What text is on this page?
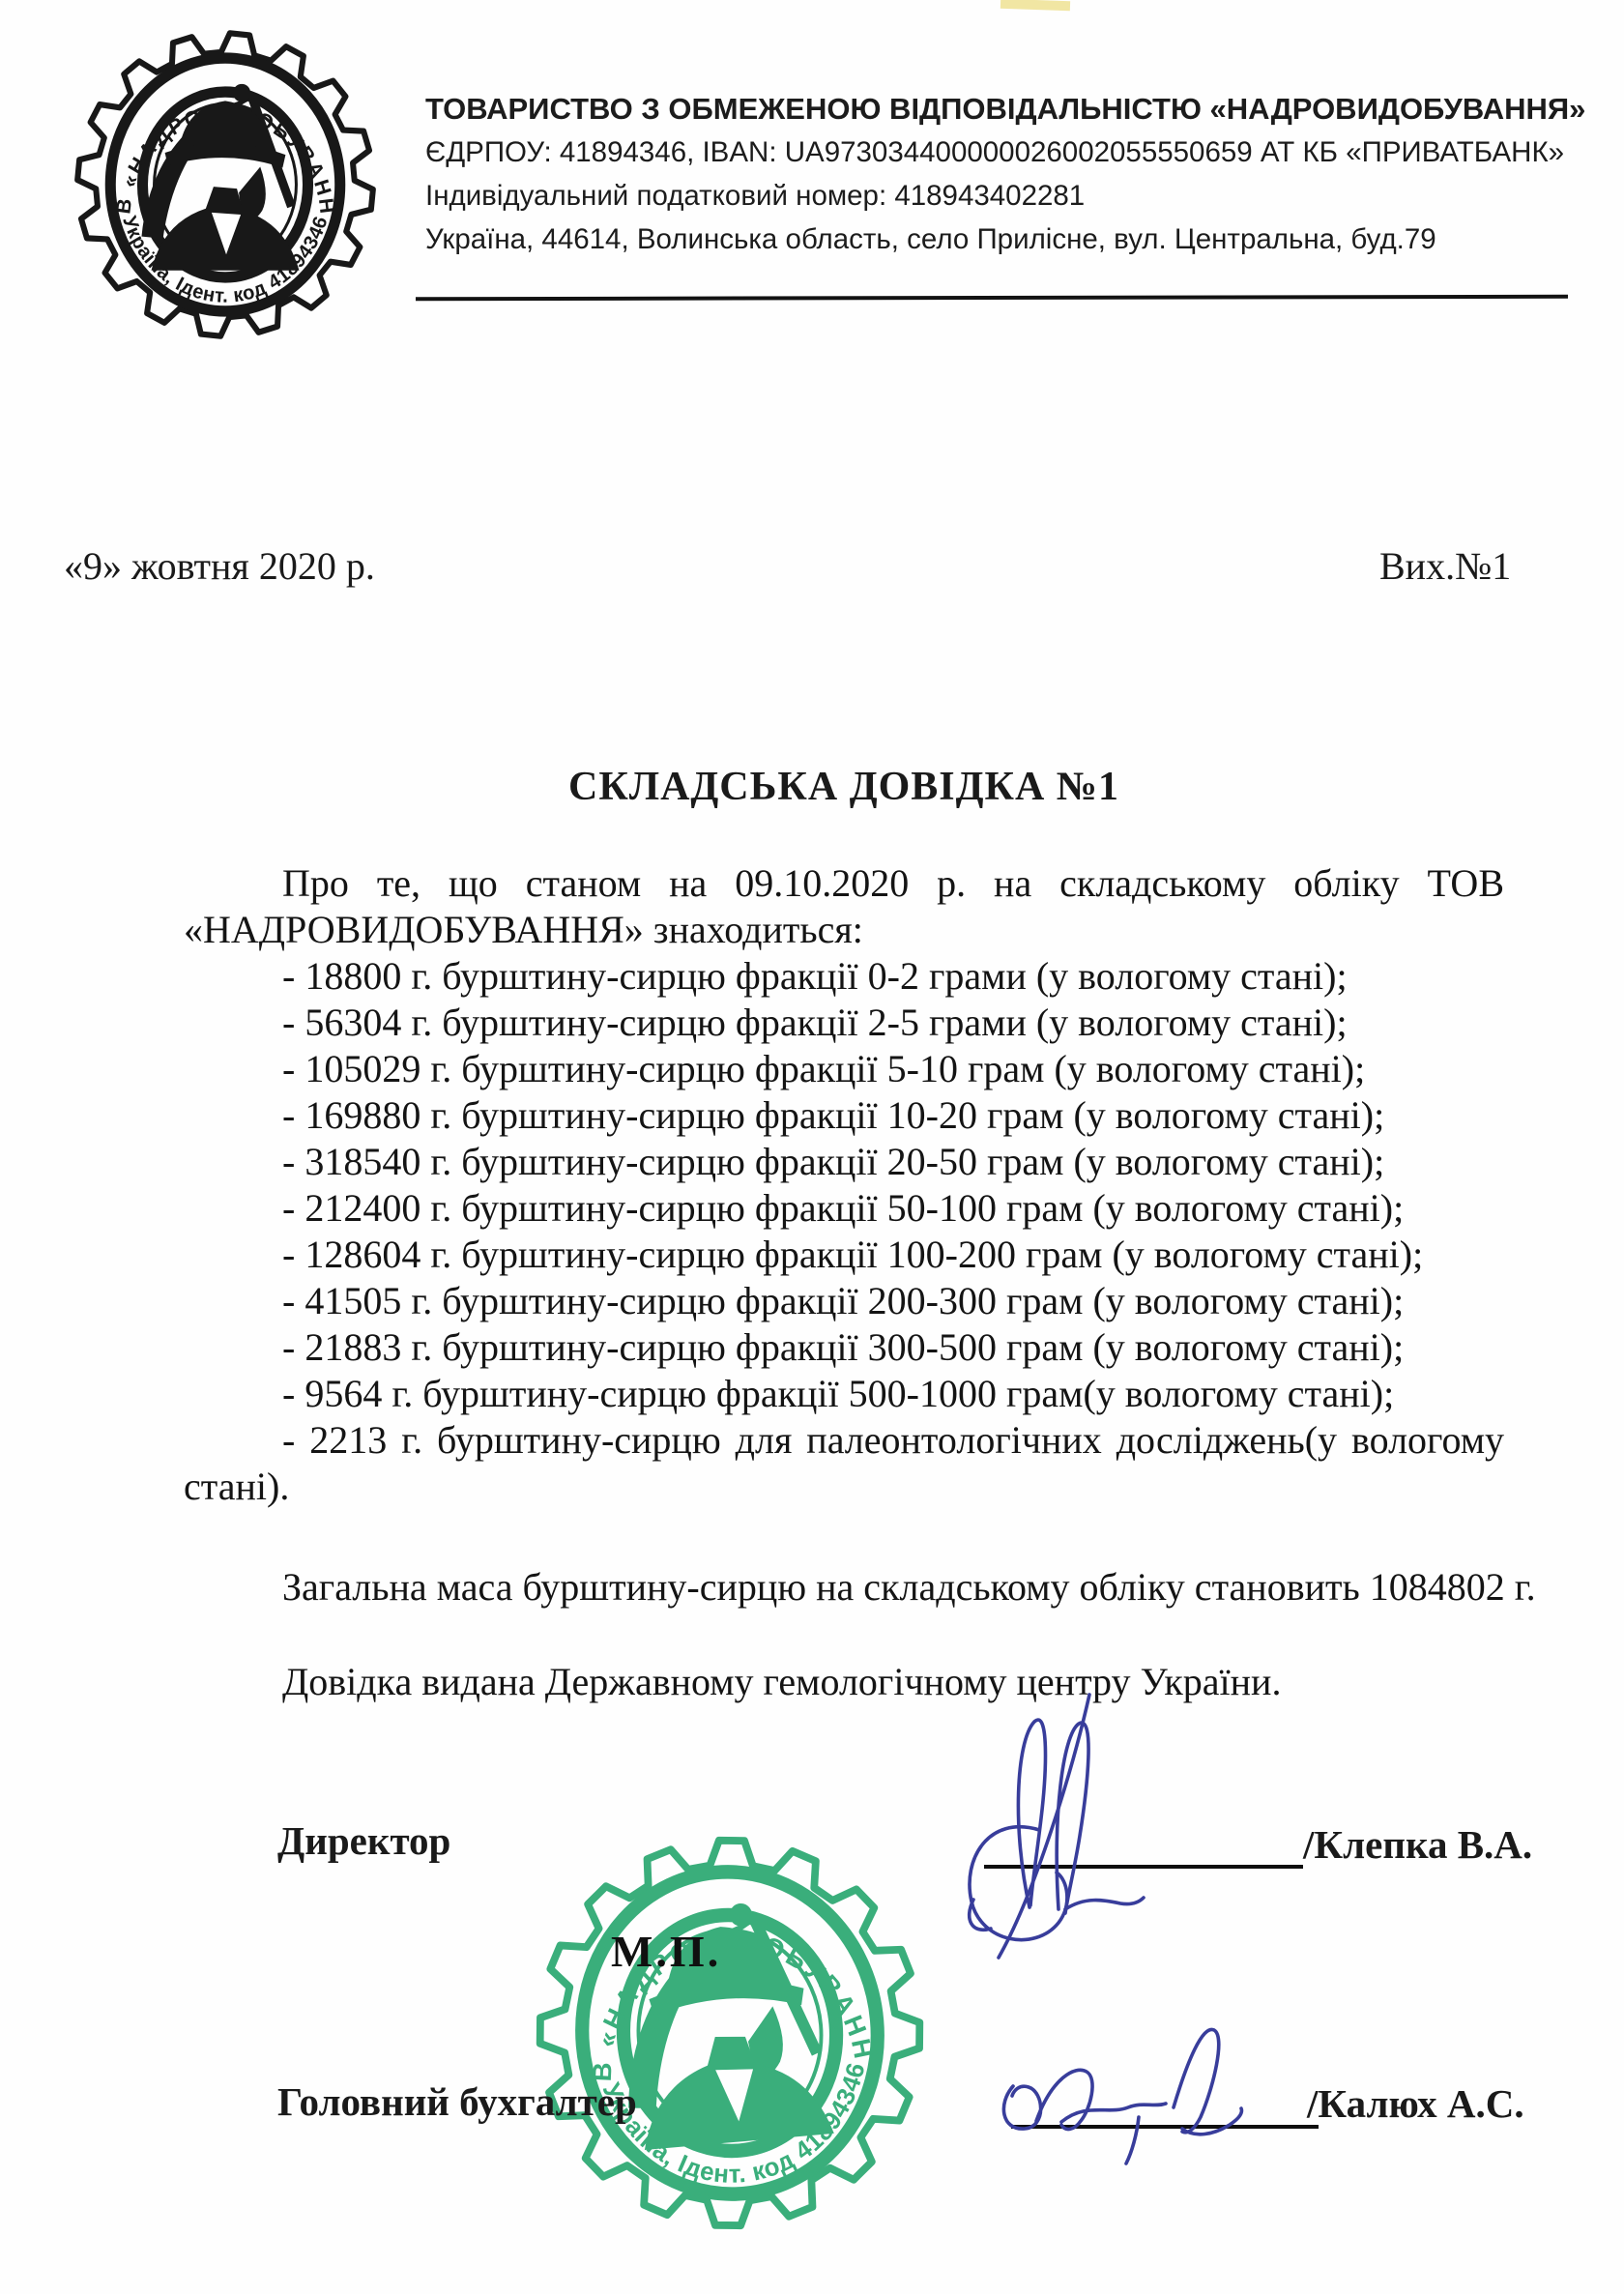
ТОВАРИСТВО З ОБМЕЖЕНОЮ ВІДПОВІДАЛЬНІСТЮ «НАДРОВИДОБУВАННЯ»
ЄДРПОУ: 41894346, IBAN: UA973034400000026002055550659 АТ КБ «ПРИВАТБАНК»
Індивідуальний податковий номер: 418943402281
Україна, 44614, Волинська область, село Прилісне, вул. Центральна, буд.79
«9» жовтня 2020 р.	Вих.№1
СКЛАДСЬКА ДОВІДКА №1
Про те, що станом на 09.10.2020 р. на складському обліку ТОВ «НАДРОВИДОБУВАННЯ» знаходиться:
- 18800 г. бурштину-сирцю фракції 0-2 грами (у вологому стані);
- 56304 г. бурштину-сирцю фракції 2-5 грами (у вологому стані);
- 105029 г. бурштину-сирцю фракції 5-10 грам (у вологому стані);
- 169880 г. бурштину-сирцю фракції 10-20 грам (у вологому стані);
- 318540 г. бурштину-сирцю фракції 20-50 грам (у вологому стані);
- 212400 г. бурштину-сирцю фракції 50-100 грам (у вологому стані);
- 128604 г. бурштину-сирцю фракції 100-200 грам (у вологому стані);
- 41505 г. бурштину-сирцю фракції 200-300 грам (у вологому стані);
- 21883 г. бурштину-сирцю фракції 300-500 грам (у вологому стані);
- 9564 г. бурштину-сирцю фракції 500-1000 грам(у вологому стані);
- 2213 г. бурштину-сирцю для палеонтологічних досліджень(у вологому стані).
Загальна маса бурштину-сирцю на складському обліку становить 1084802 г.
Довідка видана Державному гемологічному центру України.
М.П.
Директор	/Клепка В.А.
Головний бухгалтер	/Калюх А.С.
